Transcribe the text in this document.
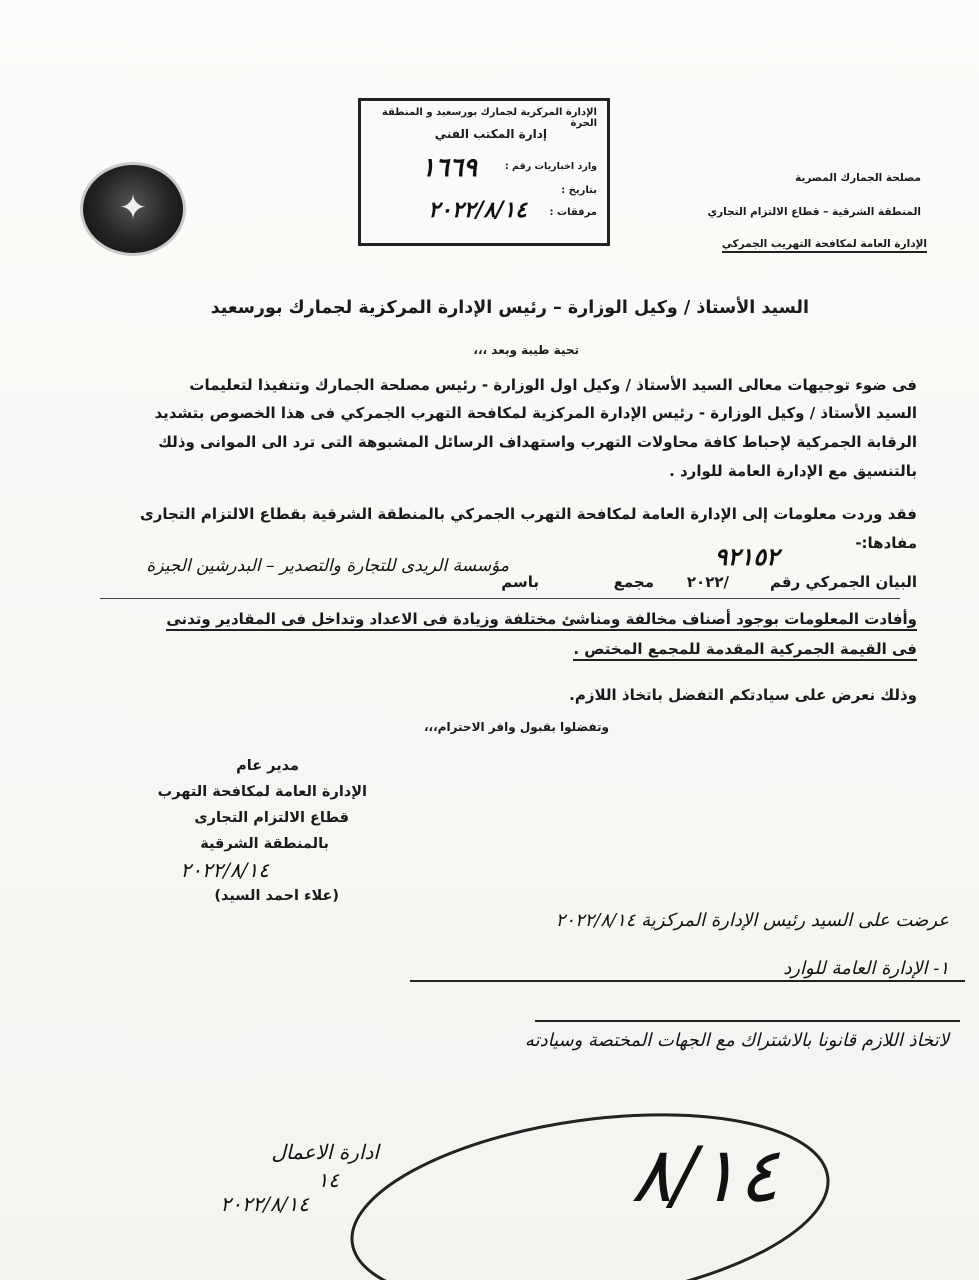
✦
الإدارة المركزية لجمارك بورسعيد و المنطقة الحرة
إدارة المكتب الفني
وارد اخباريات رقم :
١٦٦٩
بتاريخ :
مرفقات :
٢٠٢٢/٨/١٤
مصلحة الجمارك المصرية
المنطقة الشرقية – قطاع الالتزام التجاري
الإدارة العامة لمكافحة التهريب الجمركي
السيد الأستاذ / وكيل الوزارة – رئيس الإدارة المركزية لجمارك بورسعيد
تحية طيبة وبعد ،،،
فى ضوء توجيهات معالى السيد الأستاذ / وكيل اول الوزارة - رئيس مصلحة الجمارك وتنفيذا لتعليمات
السيد الأستاذ / وكيل الوزارة - رئيس الإدارة المركزية لمكافحة التهرب الجمركي فى هذا الخصوص بتشديد
الرقابة الجمركية لإحباط كافة محاولات التهرب واستهداف الرسائل المشبوهة التى ترد الى الموانى وذلك
بالتنسيق مع الإدارة العامة للوارد .
فقد وردت معلومات إلى الإدارة العامة لمكافحة التهرب الجمركي بالمنطقة الشرقية بقطاع الالتزام التجارى
مفادها:-
البيان الجمركي رقم
٩٢١٥٢
/٢٠٢٢
مجمع
باسم
مؤسسة الريدى للتجارة والتصدير – البدرشين الجيزة
وأفادت المعلومات بوجود أصناف مخالفة ومناشئ مختلفة وزيادة فى الاعداد وتداخل فى المقادير وتدنى
فى القيمة الجمركية المقدمة للمجمع المختص .
وذلك نعرض على سيادتكم التفضل باتخاذ اللازم.
وتفضلوا بقبول وافر الاحترام،،،
مدير عام
الإدارة العامة لمكافحة التهرب
قطاع الالتزام التجارى
بالمنطقة الشرقية
٢٠٢٢/٨/١٤
(علاء احمد السيد)
عرضت على السيد رئيس الإدارة المركزية ٢٠٢٢/٨/١٤
١- الإدارة العامة للوارد
لاتخاذ اللازم قانونا بالاشتراك مع الجهات المختصة وسيادته
ادارة الاعمال
١٤
٢٠٢٢/٨/١٤	٨/١٤
